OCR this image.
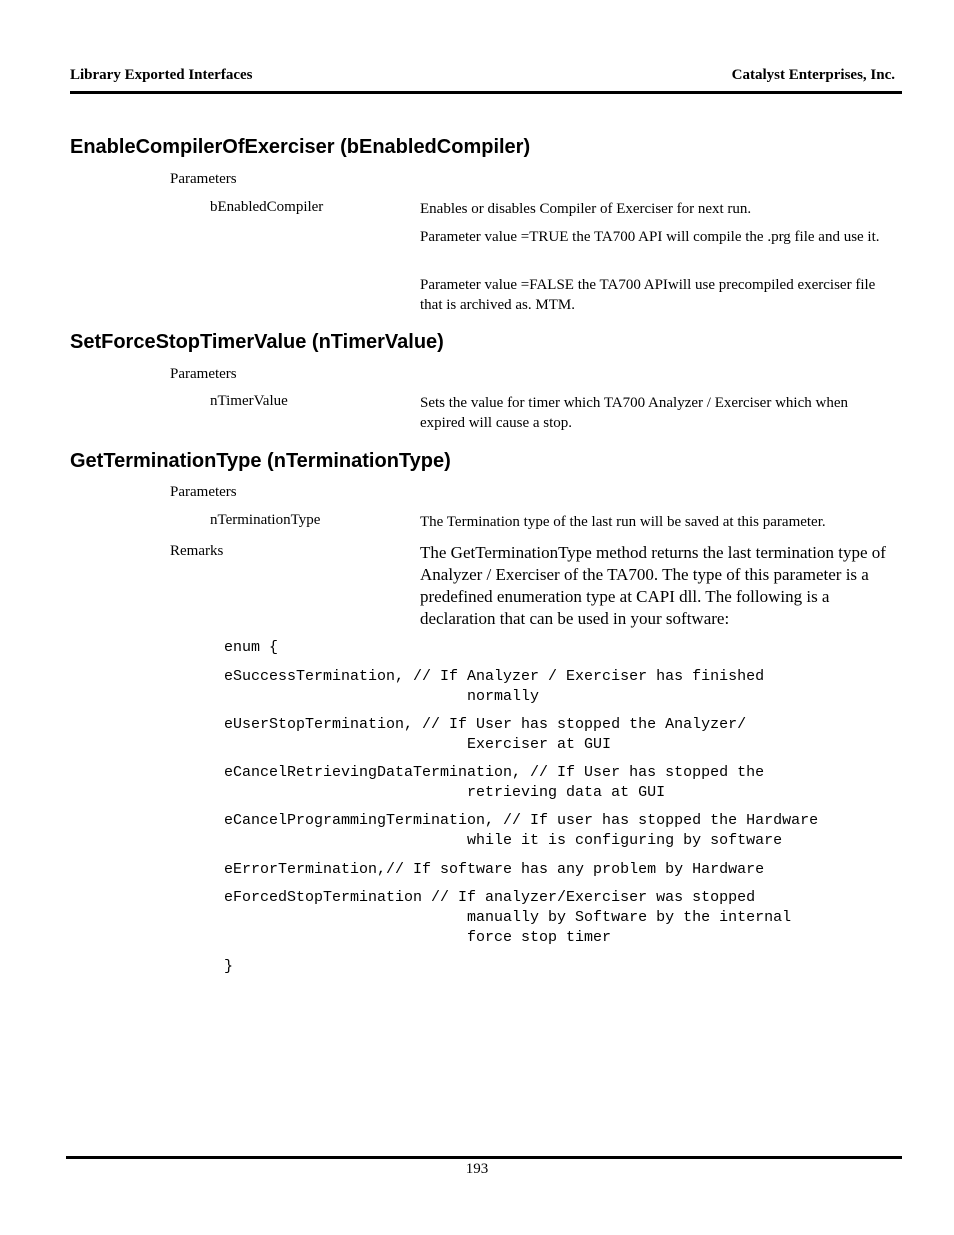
Library Exported Interfaces	Catalyst Enterprises, Inc.
EnableCompilerOfExerciser (bEnabledCompiler)
Parameters
bEnabledCompiler	Enables or disables Compiler of Exerciser for next run.
Parameter value =TRUE the TA700 API will compile the .prg file and use it.
Parameter value =FALSE the TA700 APIwill use precompiled exerciser file that is archived as. MTM.
SetForceStopTimerValue (nTimerValue)
Parameters
nTimerValue	Sets the value for timer which TA700 Analyzer / Exerciser which when expired will cause a stop.
GetTerminationType (nTerminationType)
Parameters
nTerminationType	The Termination type of the last run will be saved at this parameter.
Remarks	The GetTerminationType method returns the last termination type of Analyzer / Exerciser of the TA700. The type of this parameter is a predefined enumeration type at CAPI dll. The following is a declaration that can be used in your software:
enum {
eSuccessTermination, // If Analyzer / Exerciser has finished
normally
eUserStopTermination, // If User has stopped the Analyzer/
Exerciser at GUI
eCancelRetrievingDataTermination, // If User has stopped the
retrieving data at GUI
eCancelProgrammingTermination, // If user has stopped the Hardware
while it is configuring by software
eErrorTermination,// If software has any problem by Hardware
eForcedStopTermination // If analyzer/Exerciser was stopped
manually by Software by the internal
force stop timer
}
193
